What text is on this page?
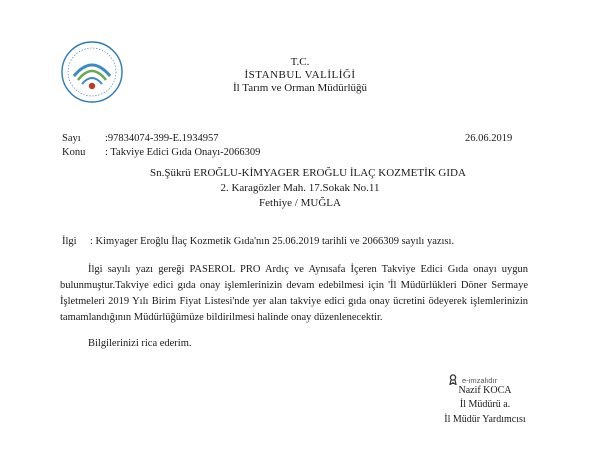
T.C.
İSTANBUL VALİLİĞİ
İl Tarım ve Orman Müdürlüğü
Sayı :97834074-399-E.1934957	26.06.2019
Konu : Takviye Edici Gıda Onayı-2066309
Sn.Şükrü EROĞLU-KİMYAGER EROĞLU İLAÇ KOZMETİK GIDA
2. Karagözler Mah. 17.Sokak No.11
Fethiye / MUĞLA
İlgi : Kimyager Eroğlu İlaç Kozmetik Gıda'nın 25.06.2019 tarihli ve 2066309 sayılı yazısı.
İlgi sayılı yazı gereği PASEROL PRO Ardıç ve Aynısafa İçeren Takviye Edici Gıda onayı uygun bulunmuştur.Takviye edici gıda onay işlemlerinizin devam edebilmesi için 'İl Müdürlükleri Döner Sermaye İşletmeleri 2019 Yılı Birim Fiyat Listesi'nde yer alan takviye edici gıda onay ücretini ödeyerek işlemlerinizin tamamlandığının Müdürlüğümüze bildirilmesi halinde onay düzenlenecektir.
Bilgilerinizi rica ederim.
e-imzalıdır
Nazif KOCA
İl Müdürü a.
İl Müdür Yardımcısı
